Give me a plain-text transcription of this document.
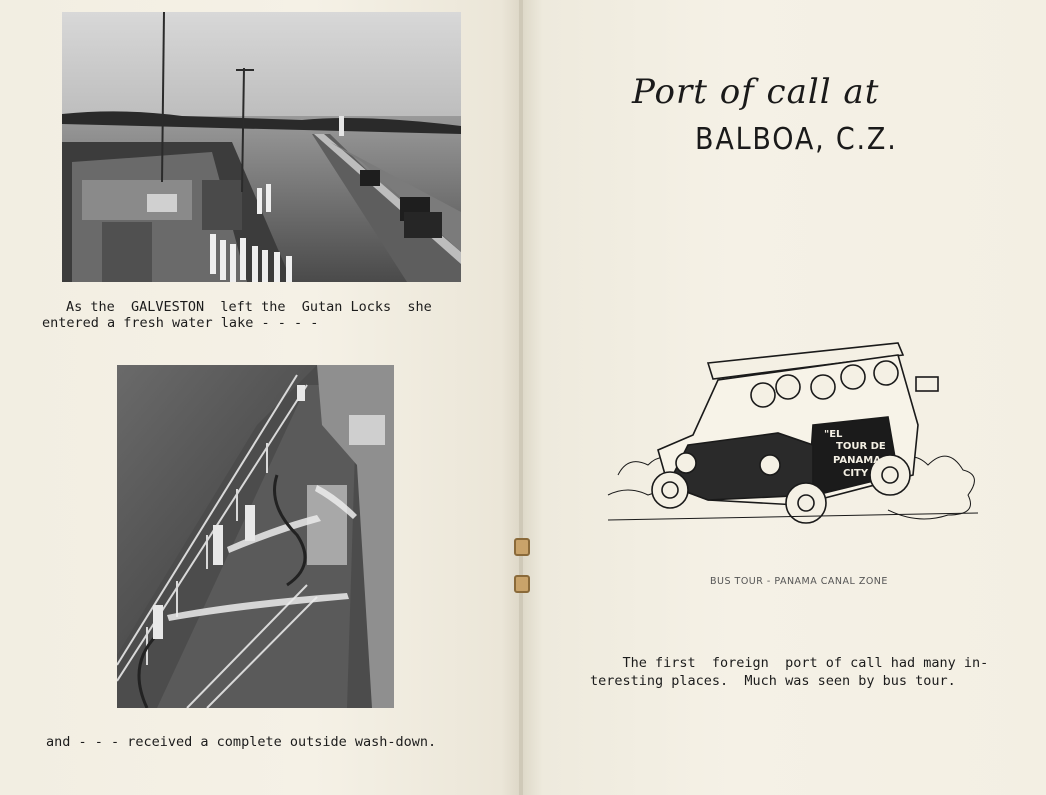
As the  GALVESTON  left the  Gutan Locks  she
entered a fresh water lake - - - -
and - - - received a complete outside wash-down.
Port of call at
BALBOA, C.Z.
"EL
TOUR DE
PANAMA
CITY
BUS TOUR - PANAMA CANAL ZONE
The first  foreign  port of call had many in-
teresting places.  Much was seen by bus tour.
